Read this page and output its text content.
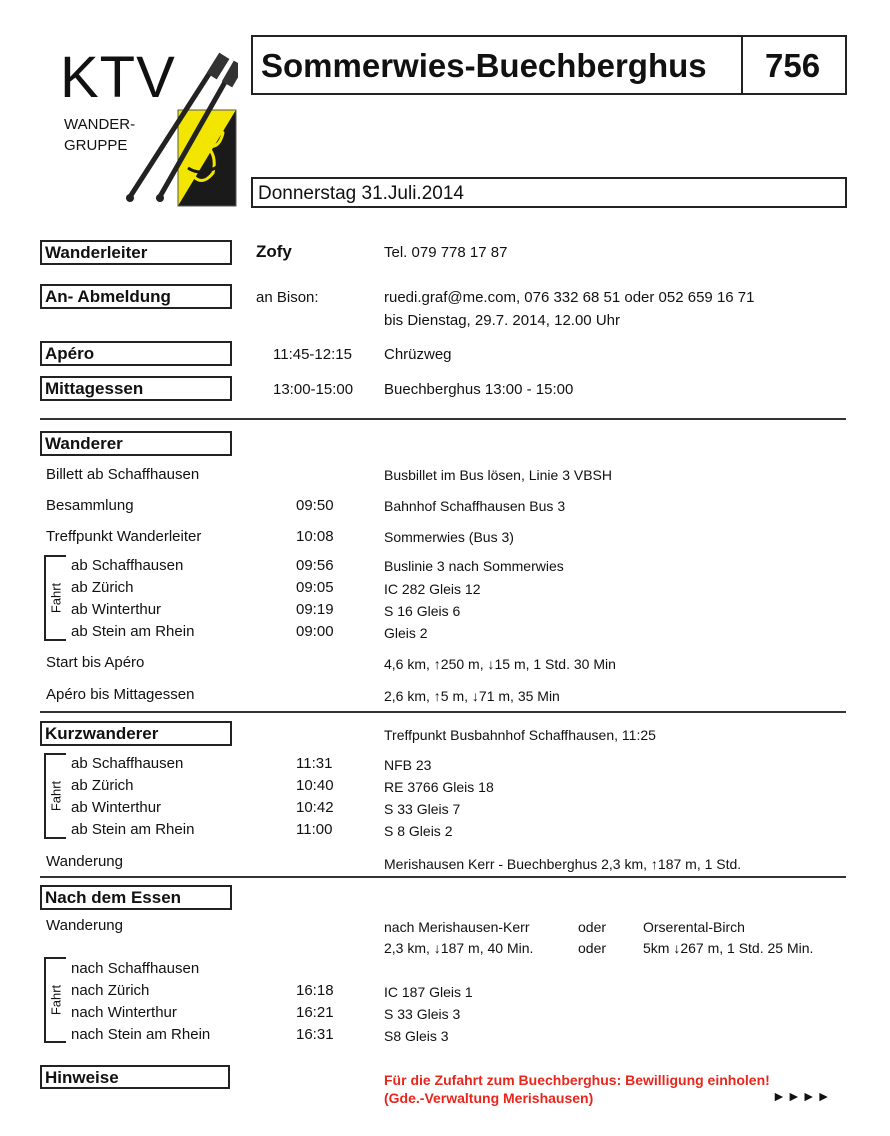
KTV
WANDER-
GRUPPE
Sommerwies-Buechberghus 756
Donnerstag 31.Juli.2014
Wanderleiter	Zofy	Tel. 079 778 17 87
An- Abmeldung	an Bison:	ruedi.graf@me.com, 076 332 68 51 oder 052 659 16 71
bis Dienstag, 29.7. 2014, 12.00 Uhr
Apéro	11:45-12:15 Chrüzweg
Mittagessen	13:00-15:00 Buechberghus 13:00 - 15:00
Wanderer
Billett ab Schaffhausen	Busbillet im Bus lösen, Linie 3 VBSH
Besammlung	09:50	Bahnhof Schaffhausen Bus 3
Treffpunkt Wanderleiter	10:08	Sommerwies (Bus 3)
Fahrt
ab Schaffhausen	09:56	Buslinie 3 nach Sommerwies
ab Zürich	09:05	IC 282 Gleis 12
ab Winterthur	09:19	S 16 Gleis 6
ab Stein am Rhein	09:00	Gleis 2
Start bis Apéro	4,6 km, ↑250 m, ↓15 m, 1 Std. 30 Min
Apéro bis Mittagessen	2,6 km, ↑5 m, ↓71 m, 35 Min
Kurzwanderer	Treffpunkt Busbahnhof Schaffhausen, 11:25
Fahrt
ab Schaffhausen	11:31	NFB 23
ab Zürich	10:40	RE 3766 Gleis 18
ab Winterthur	10:42	S 33 Gleis 7
ab Stein am Rhein	11:00	S 8 Gleis 2
Wanderung	Merishausen Kerr - Buechberghus 2,3 km, ↑187 m, 1 Std.
Nach dem Essen
Wanderung	nach Merishausen-Kerr	oder	Orserental-Birch
2,3 km, ↓187 m, 40 Min.	oder	5km ↓267 m, 1 Std. 25 Min.
Fahrt
nach Schaffhausen
nach Zürich	16:18	IC 187 Gleis 1
nach Winterthur	16:21	S 33 Gleis 3
nach Stein am Rhein	16:31	S8 Gleis 3
Hinweise	Für die Zufahrt zum Buechberghus: Bewilligung einholen!
(Gde.-Verwaltung Merishausen)	►►►►
